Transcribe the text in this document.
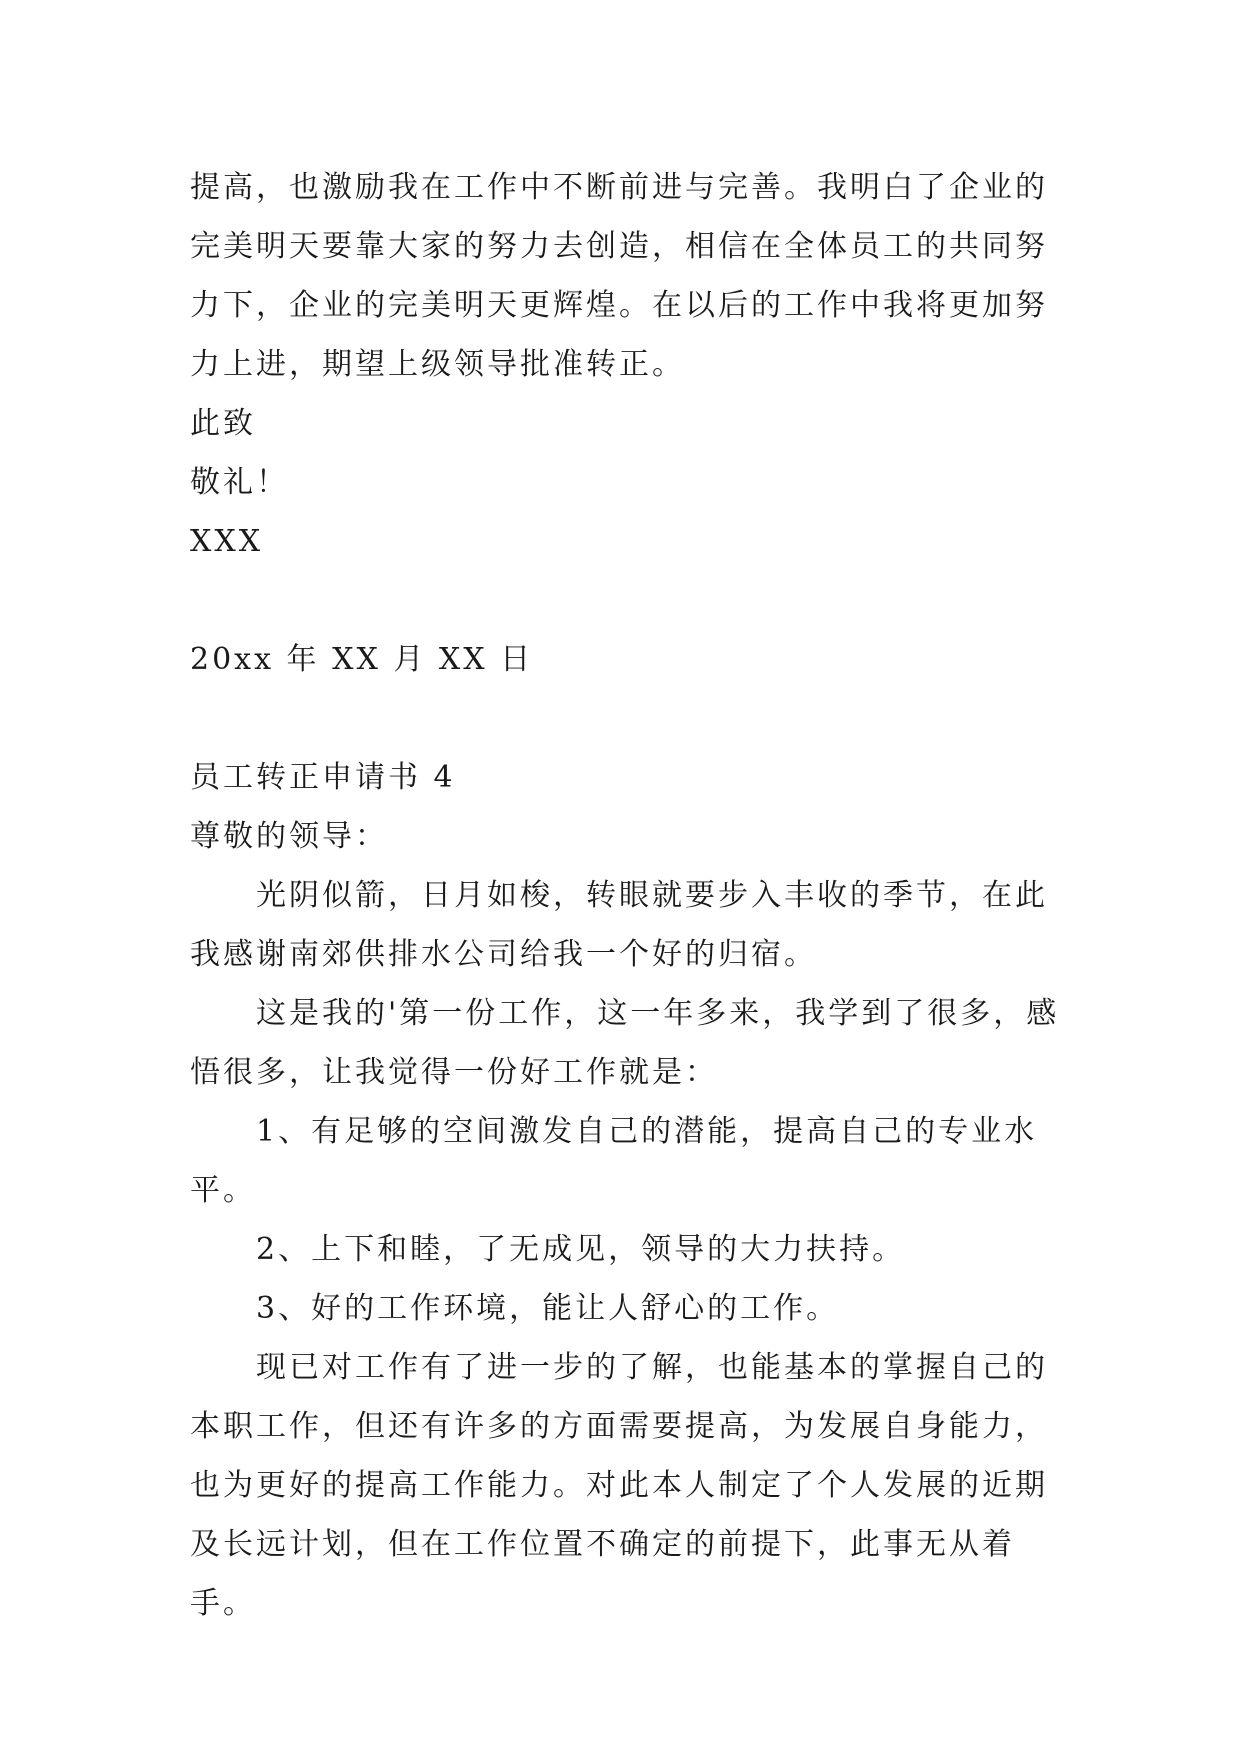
提高，也激励我在工作中不断前进与完善。我明白了企业的完美明天要靠大家的努力去创造，相信在全体员工的共同努力下，企业的完美明天更辉煌。在以后的工作中我将更加努力上进，期望上级领导批准转正。

此致

敬礼！

XXX

20xx 年 XX 月 XX 日

员工转正申请书 4

尊敬的领导：

光阴似箭，日月如梭，转眼就要步入丰收的季节，在此我感谢南郊供排水公司给我一个好的归宿。

这是我的'第一份工作，这一年多来，我学到了很多，感悟很多，让我觉得一份好工作就是：

1、有足够的空间激发自己的潜能，提高自己的专业水平。

2、上下和睦，了无成见，领导的大力扶持。

3、好的工作环境，能让人舒心的工作。

现已对工作有了进一步的了解，也能基本的掌握自己的本职工作，但还有许多的方面需要提高，为发展自身能力，也为更好的提高工作能力。对此本人制定了个人发展的近期及长远计划，但在工作位置不确定的前提下，此事无从着手。
